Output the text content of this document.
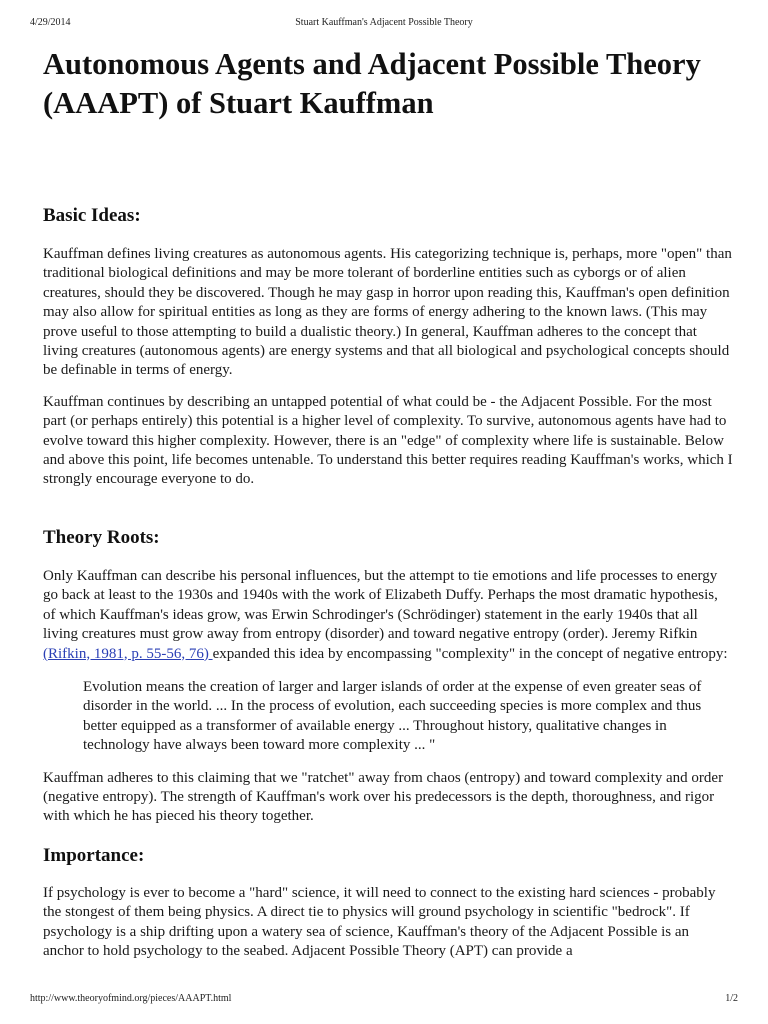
4/29/2014	Stuart Kauffman's Adjacent Possible Theory
Autonomous Agents and Adjacent Possible Theory (AAAPT) of Stuart Kauffman
Basic Ideas:

Kauffman defines living creatures as autonomous agents. His categorizing technique is, perhaps, more "open" than traditional biological definitions and may be more tolerant of borderline entities such as cyborgs or of alien creatures, should they be discovered. Though he may gasp in horror upon reading this, Kauffman's open definition may also allow for spiritual entities as long as they are forms of energy adhering to the known laws. (This may prove useful to those attempting to build a dualistic theory.) In general, Kauffman adheres to the concept that living creatures (autonomous agents) are energy systems and that all biological and psychological concepts should be definable in terms of energy.

Kauffman continues by describing an untapped potential of what could be - the Adjacent Possible. For the most part (or perhaps entirely) this potential is a higher level of complexity. To survive, autonomous agents have had to evolve toward this higher complexity. However, there is an "edge" of complexity where life is sustainable. Below and above this point, life becomes untenable. To understand this better requires reading Kauffman's works, which I strongly encourage everyone to do.

Theory Roots:

Only Kauffman can describe his personal influences, but the attempt to tie emotions and life processes to energy go back at least to the 1930s and 1940s with the work of Elizabeth Duffy. Perhaps the most dramatic hypothesis, of which Kauffman's ideas grow, was Erwin Schrodinger's (Schrödinger) statement in the early 1940s that all living creatures must grow away from entropy (disorder) and toward negative entropy (order). Jeremy Rifkin (Rifkin, 1981, p. 55-56, 76) expanded this idea by encompassing "complexity" in the concept of negative entropy:

Evolution means the creation of larger and larger islands of order at the expense of even greater seas of disorder in the world. ... In the process of evolution, each succeeding species is more complex and thus better equipped as a transformer of available energy ... Throughout history, qualitative changes in technology have always been toward more complexity ... "

Kauffman adheres to this claiming that we "ratchet" away from chaos (entropy) and toward complexity and order (negative entropy). The strength of Kauffman's work over his predecessors is the depth, thoroughness, and rigor with which he has pieced his theory together.

Importance:

If psychology is ever to become a "hard" science, it will need to connect to the existing hard sciences - probably the stongest of them being physics. A direct tie to physics will ground psychology in scientific "bedrock". If psychology is a ship drifting upon a watery sea of science, Kauffman's theory of the Adjacent Possible is an anchor to hold psychology to the seabed. Adjacent Possible Theory (APT) can provide a

http://www.theoryofmind.org/pieces/AAAPT.html	1/2
